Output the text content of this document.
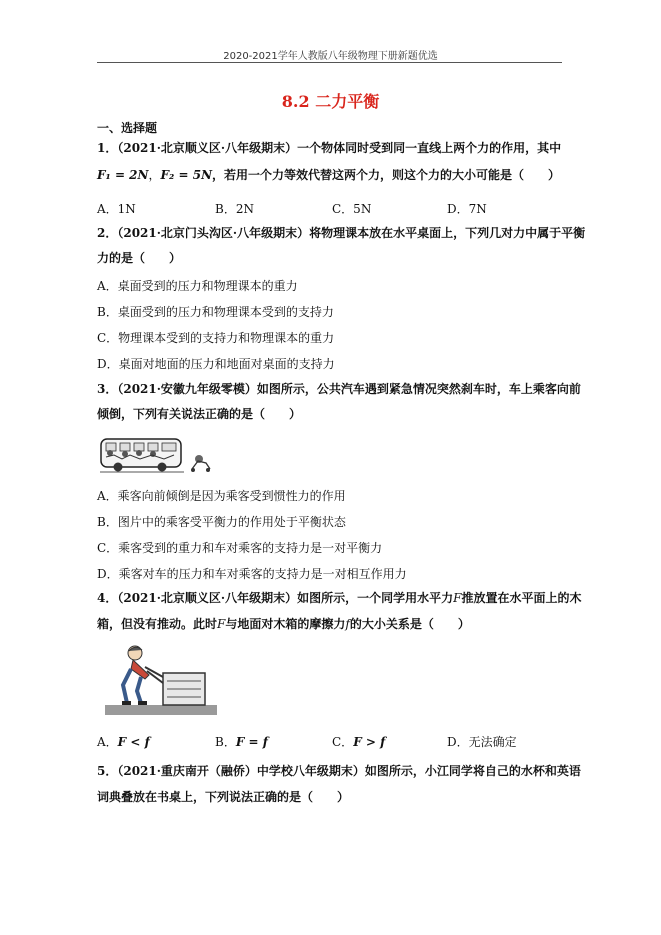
2020-2021学年人教版八年级物理下册新题优选
8.2 二力平衡
一、选择题
1．（2021·北京顺义区·八年级期末）一个物体同时受到同一直线上两个力的作用，其中
F₁ = 2N，F₂ = 5N，若用一个力等效代替这两个力，则这个力的大小可能是（　　）
A．1N	B．2N	C．5N	D．7N
2．（2021·北京门头沟区·八年级期末）将物理课本放在水平桌面上，下列几对力中属于平衡
力的是（　　）
A．桌面受到的压力和物理课本的重力
B．桌面受到的压力和物理课本受到的支持力
C．物理课本受到的支持力和物理课本的重力
D．桌面对地面的压力和地面对桌面的支持力
3．（2021·安徽九年级零模）如图所示，公共汽车遇到紧急情况突然刹车时，车上乘客向前
倾倒，下列有关说法正确的是（　　）
A．乘客向前倾倒是因为乘客受到惯性力的作用
B．图片中的乘客受平衡力的作用处于平衡状态
C．乘客受到的重力和车对乘客的支持力是一对平衡力
D．乘客对车的压力和车对乘客的支持力是一对相互作用力
4．（2021·北京顺义区·八年级期末）如图所示，一个同学用水平力F推放置在水平面上的木
箱，但没有推动。此时F与地面对木箱的摩擦力f的大小关系是（　　）
A．F < f	B．F = f	C．F > f	D．无法确定
5．（2021·重庆南开（融侨）中学校八年级期末）如图所示，小江同学将自己的水杯和英语
词典叠放在书桌上，下列说法正确的是（　　）
